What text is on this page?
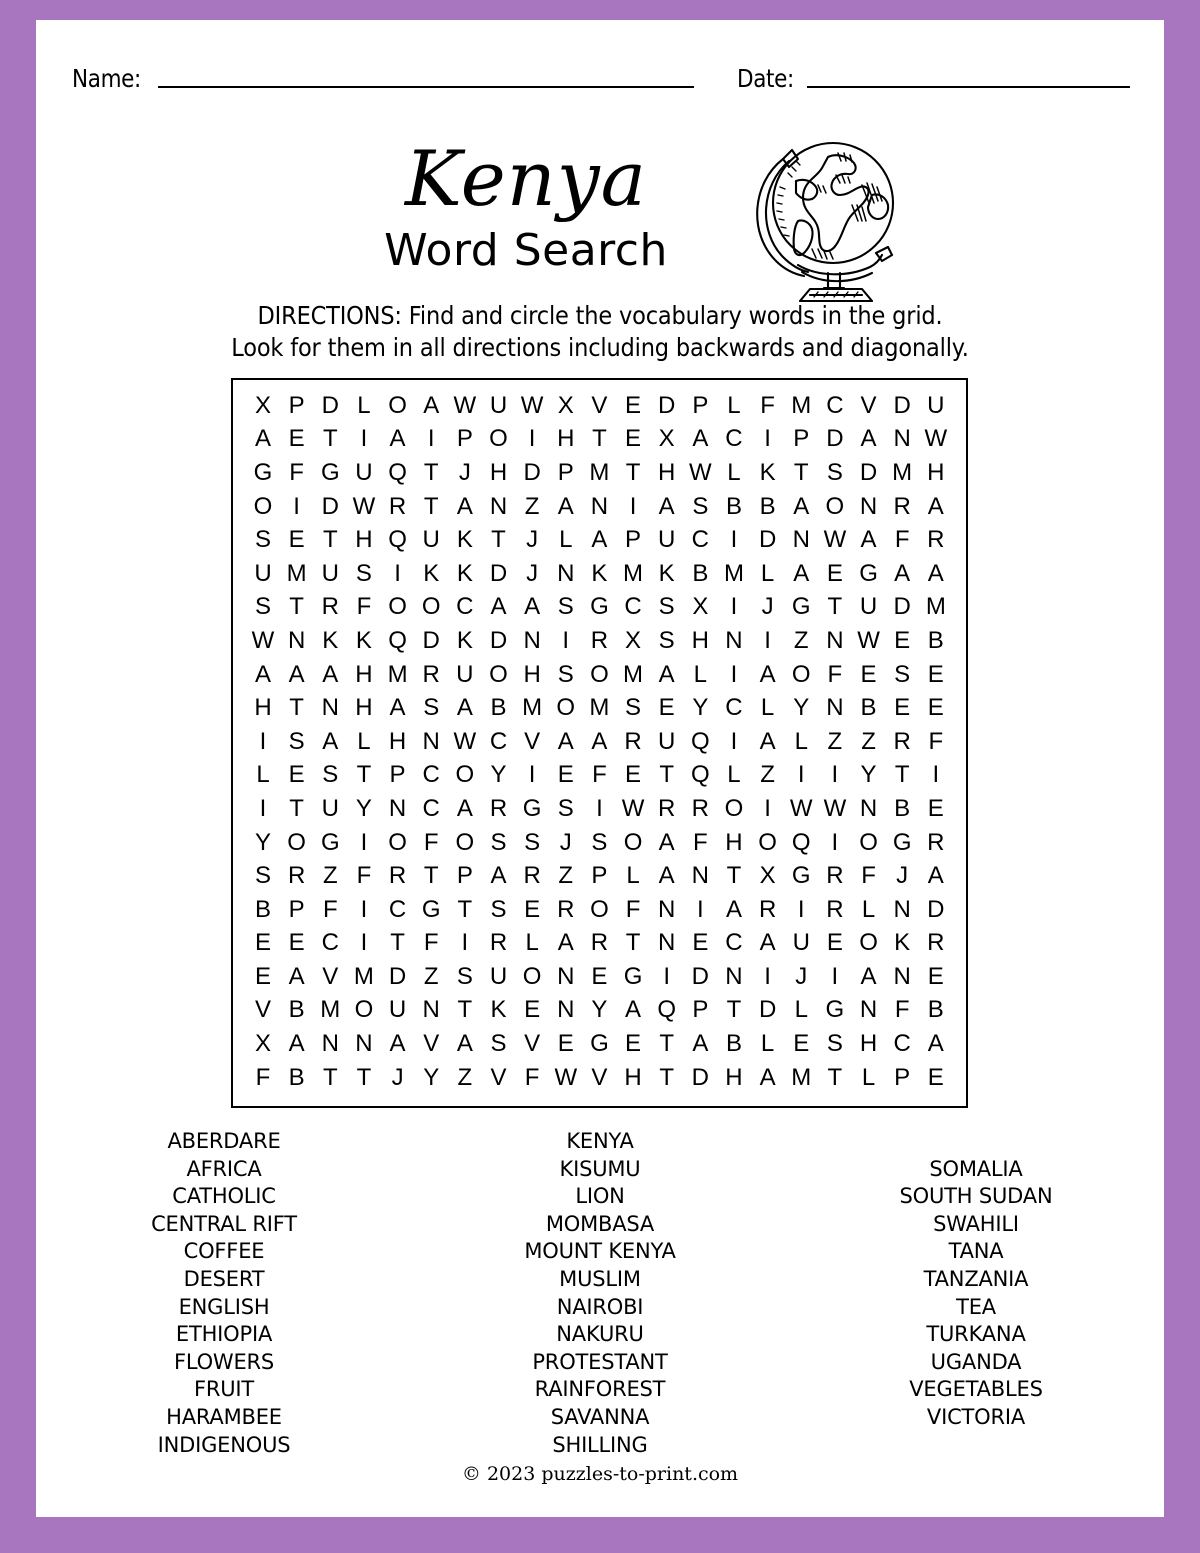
Name:	Date:
Kenya
Word Search
DIRECTIONS: Find and circle the vocabulary words in the grid.
Look for them in all directions including backwards and diagonally.
X P D L O A W U W X V E D P L F M C V D U
A E T I A I P O I H T E X A C I P D A N W
G F G U Q T J H D P M T H W L K T S D M H
O I D W R T A N Z A N I A S B B A O N R A
S E T H Q U K T J L A P U C I D N W A F R
U M U S I K K D J N K M K B M L A E G A A
S T R F O O C A A S G C S X I	J G T U D M
W N K K Q D K D N I R X S H N I Z N W E B
A A A H M R U O H S O M A L I A O F E S E
H T N H A S A B M O M S E Y C L Y N B E E
I S A L H N W C V A A R U Q I A L Z Z R F
L E S T P C O Y I E F E T Q L Z I	I Y T I
I T U Y N C A R G S I W R R O I W W N B E
Y O G I O F O S S J S O A F H O Q I O G R
S R Z F R T P A R Z P L A N T X G R F J A
B P F I C G T S E R O F N I A R I R L N D
E E C I T F I R L A R T N E C A U E O K R
E A V M D Z S U O N E G I D N I	J	I A N E
V B M O U N T K E N Y A Q P T D L G N F B
X A N N A V A S V E G E T A B L E S H C A
F B T T J Y Z V F W V H T D H A M T L P E
ABERDARE
AFRICA
CATHOLIC
CENTRAL RIFT
COFFEE
DESERT
ENGLISH
ETHIOPIA
FLOWERS
FRUIT
HARAMBEE
INDIGENOUS
KENYA
KISUMU
LION
MOMBASA
MOUNT KENYA
MUSLIM
NAIROBI
NAKURU
PROTESTANT
RAINFOREST
SAVANNA
SHILLING
SOMALIA
SOUTH SUDAN
SWAHILI
TANA
TANZANIA
TEA
TURKANA
UGANDA
VEGETABLES
VICTORIA
© 2023 puzzles-to-print.com
